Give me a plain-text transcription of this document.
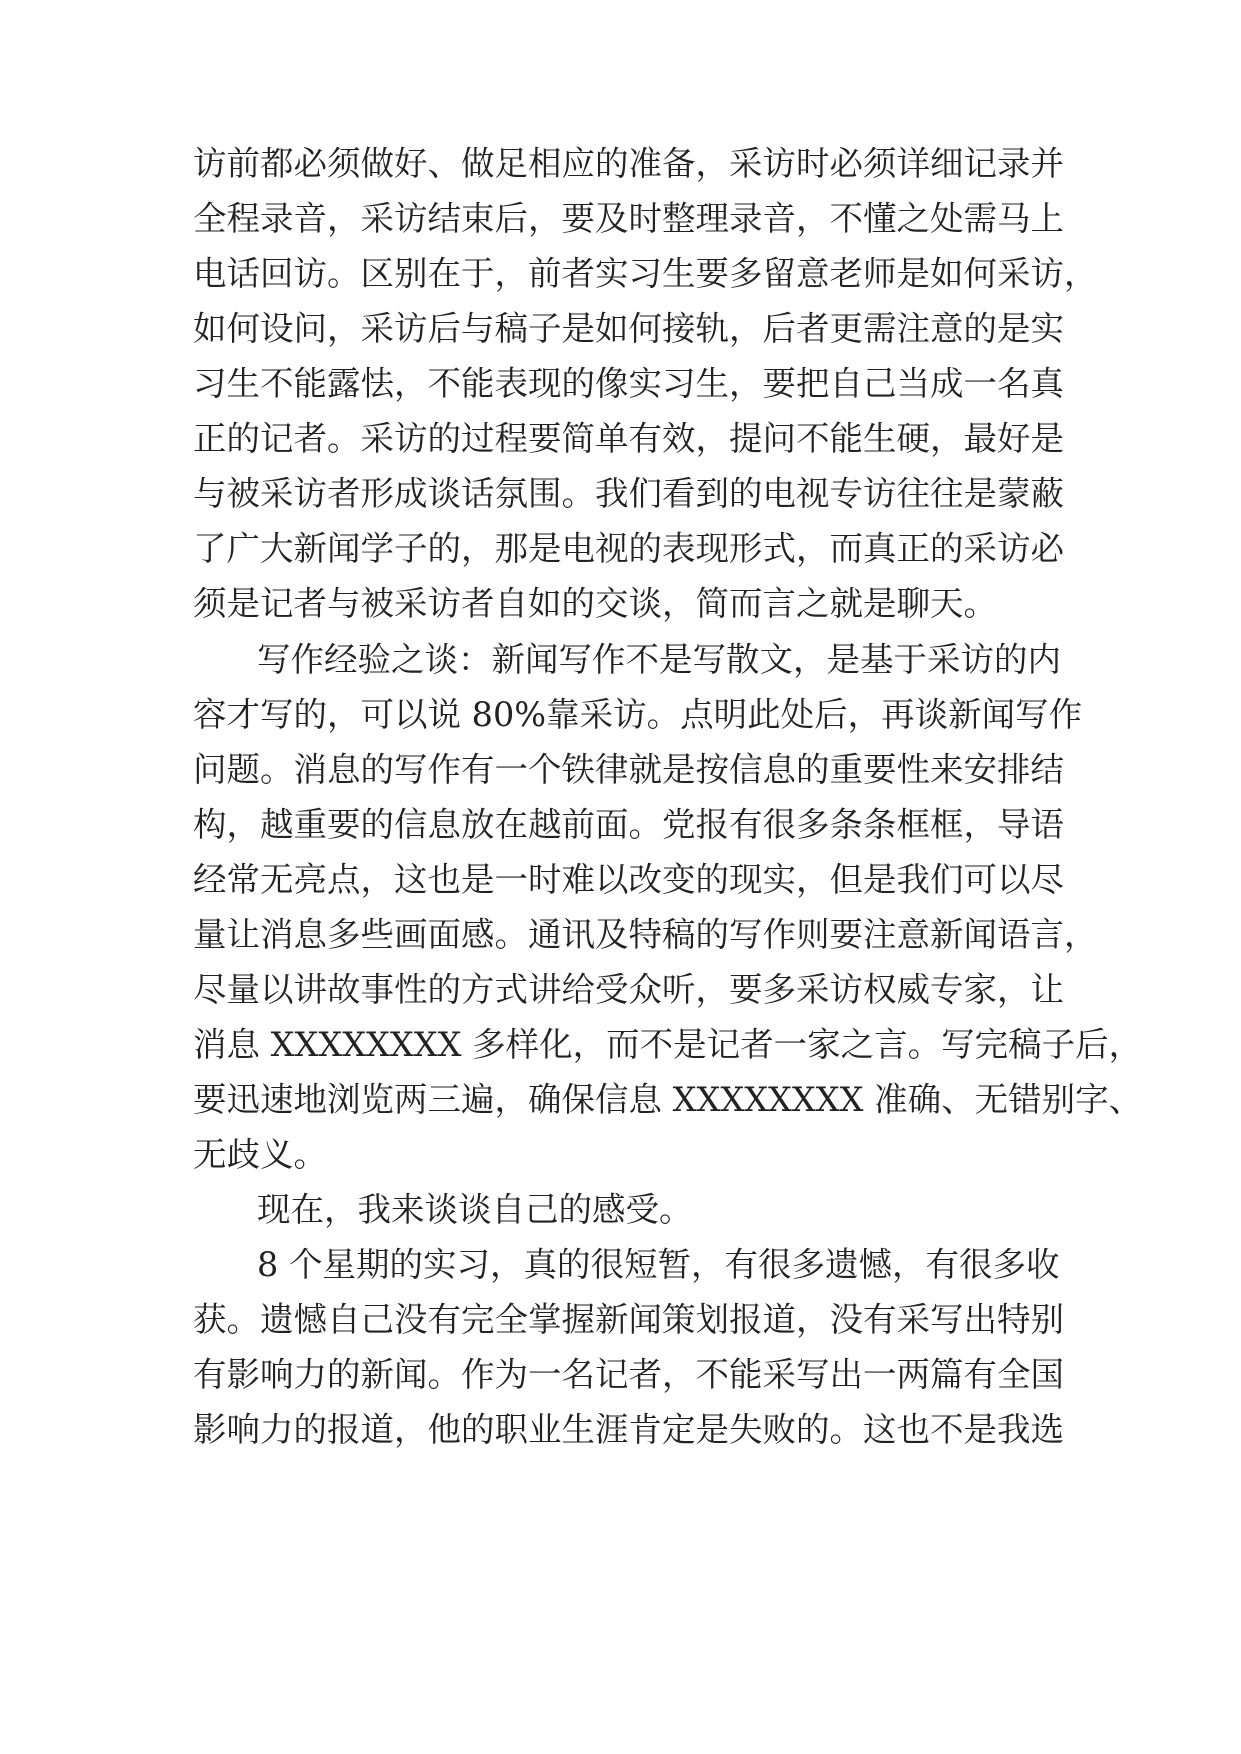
访前都必须做好、做足相应的准备，采访时必须详细记录并
全程录音，采访结束后，要及时整理录音，不懂之处需马上
电话回访。区别在于，前者实习生要多留意老师是如何采访，
如何设问，采访后与稿子是如何接轨，后者更需注意的是实
习生不能露怯，不能表现的像实习生，要把自己当成一名真
正的记者。采访的过程要简单有效，提问不能生硬，最好是
与被采访者形成谈话氛围。我们看到的电视专访往往是蒙蔽
了广大新闻学子的，那是电视的表现形式，而真正的采访必
须是记者与被采访者自如的交谈，简而言之就是聊天。
写作经验之谈：新闻写作不是写散文，是基于采访的内
容才写的，可以说 80%靠采访。点明此处后，再谈新闻写作
问题。消息的写作有一个铁律就是按信息的重要性来安排结
构，越重要的信息放在越前面。党报有很多条条框框，导语
经常无亮点，这也是一时难以改变的现实，但是我们可以尽
量让消息多些画面感。通讯及特稿的写作则要注意新闻语言，
尽量以讲故事性的方式讲给受众听，要多采访权威专家，让
消息 XXXXXXXX 多样化，而不是记者一家之言。写完稿子后，
要迅速地浏览两三遍，确保信息 XXXXXXXX 准确、无错别字、
无歧义。
现在，我来谈谈自己的感受。
8 个星期的实习，真的很短暂，有很多遗憾，有很多收
获。遗憾自己没有完全掌握新闻策划报道，没有采写出特别
有影响力的新闻。作为一名记者，不能采写出一两篇有全国
影响力的报道，他的职业生涯肯定是失败的。这也不是我选
